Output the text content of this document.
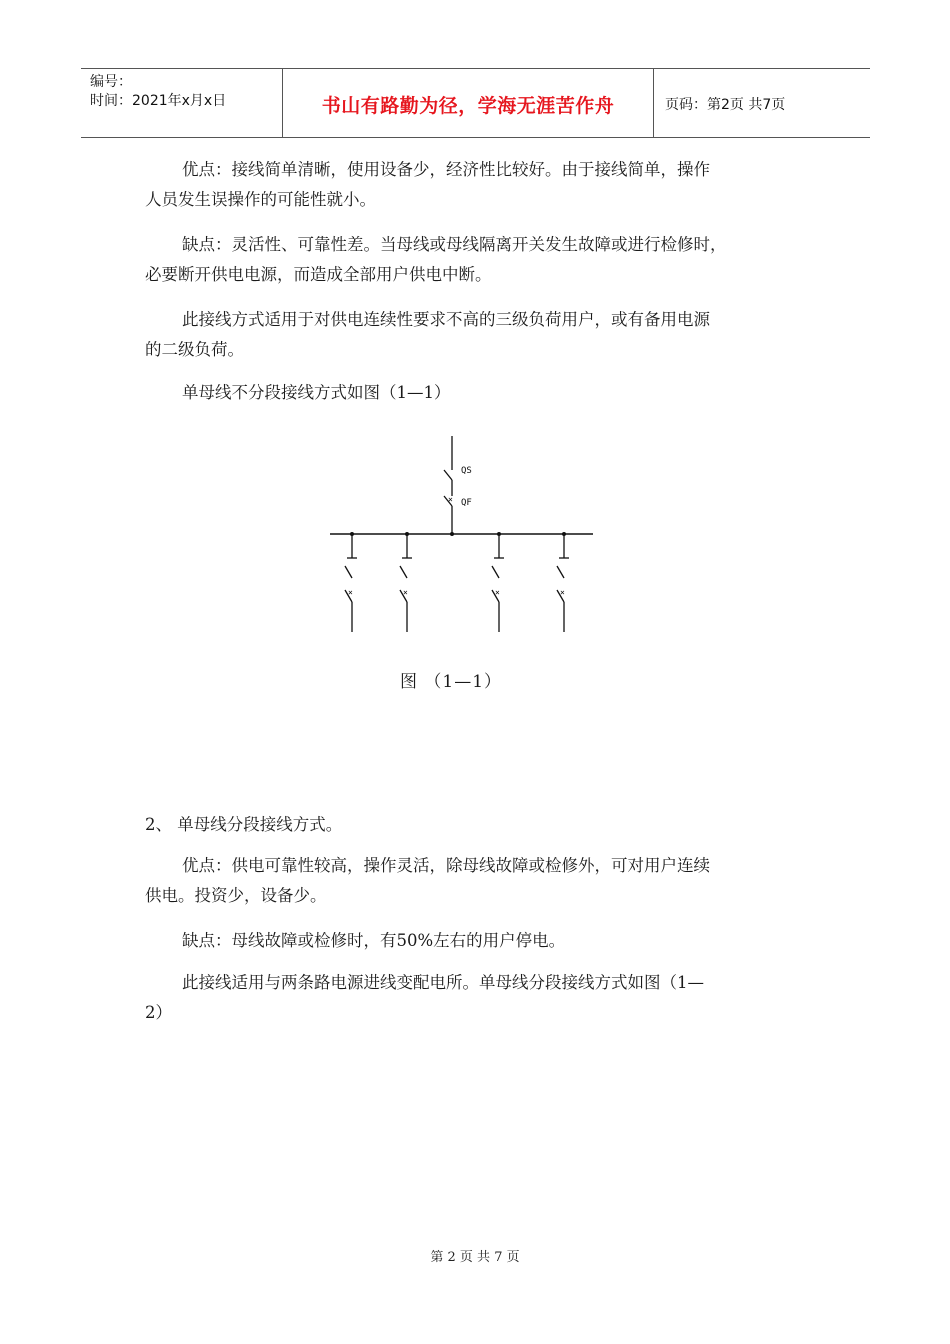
编号：
时间：2021年x月x日	书山有路勤为径，学海无涯苦作舟	页码：第2页 共7页

优点：接线简单清晰，使用设备少，经济性比较好。由于接线简单，操作
人员发生误操作的可能性就小。

缺点：灵活性、可靠性差。当母线或母线隔离开关发生故障或进行检修时，
必要断开供电电源，而造成全部用户供电中断。

此接线方式适用于对供电连续性要求不高的三级负荷用户，或有备用电源
的二级负荷。

单母线不分段接线方式如图（1—1）

QS
QF
×
×	×	×	×
图 （1—1）

2、 单母线分段接线方式。

优点：供电可靠性较高，操作灵活，除母线故障或检修外，可对用户连续
供电。投资少，设备少。

缺点：母线故障或检修时，有50%左右的用户停电。

此接线适用与两条路电源进线变配电所。单母线分段接线方式如图（1—
2）

第 2 页 共 7 页
